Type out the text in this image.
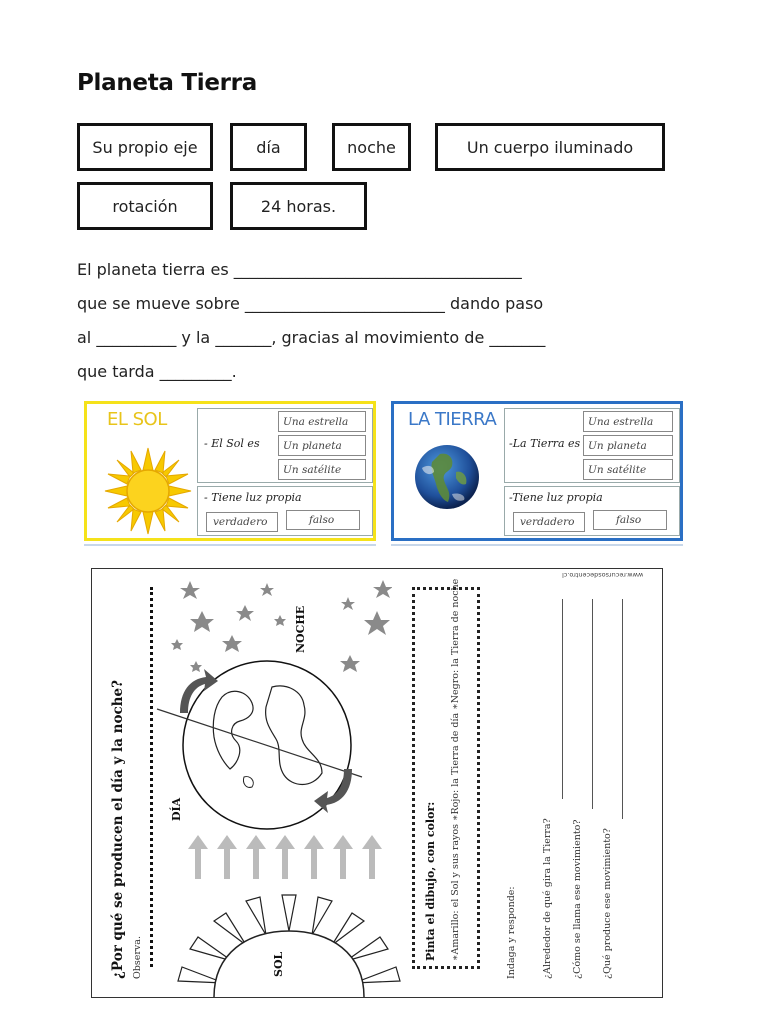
Planeta Tierra
Su propio eje	día	noche	Un cuerpo iluminado
rotación	24 horas.
El planeta tierra es ____________________________________
que se mueve sobre _________________________ dando paso
al __________ y la _______, gracias al movimiento de _______
que tarda _________.
EL SOL
- El Sol es
Una estrella
Un planeta
Un satélite
- Tiene luz propia
verdadero	falso
LA TIERRA
-La Tierra es
Una estrella
Un planeta
Un satélite
-Tiene luz propia
verdadero	falso
www.recursosdecentro.cl
¿Por qué se producen el día y la noche? Observa.
NOCHE
DÍA
SOL
Pinta el dibujo, con color: ∗Amarillo: el Sol y sus rayos ∗Rojo: la Tierra de día ∗Negro: la Tierra de noche	Indaga y responde:	¿Alrededor de qué gira la Tierra? ¿Cómo se llama ese movimiento? ¿Qué produce ese movimiento?
